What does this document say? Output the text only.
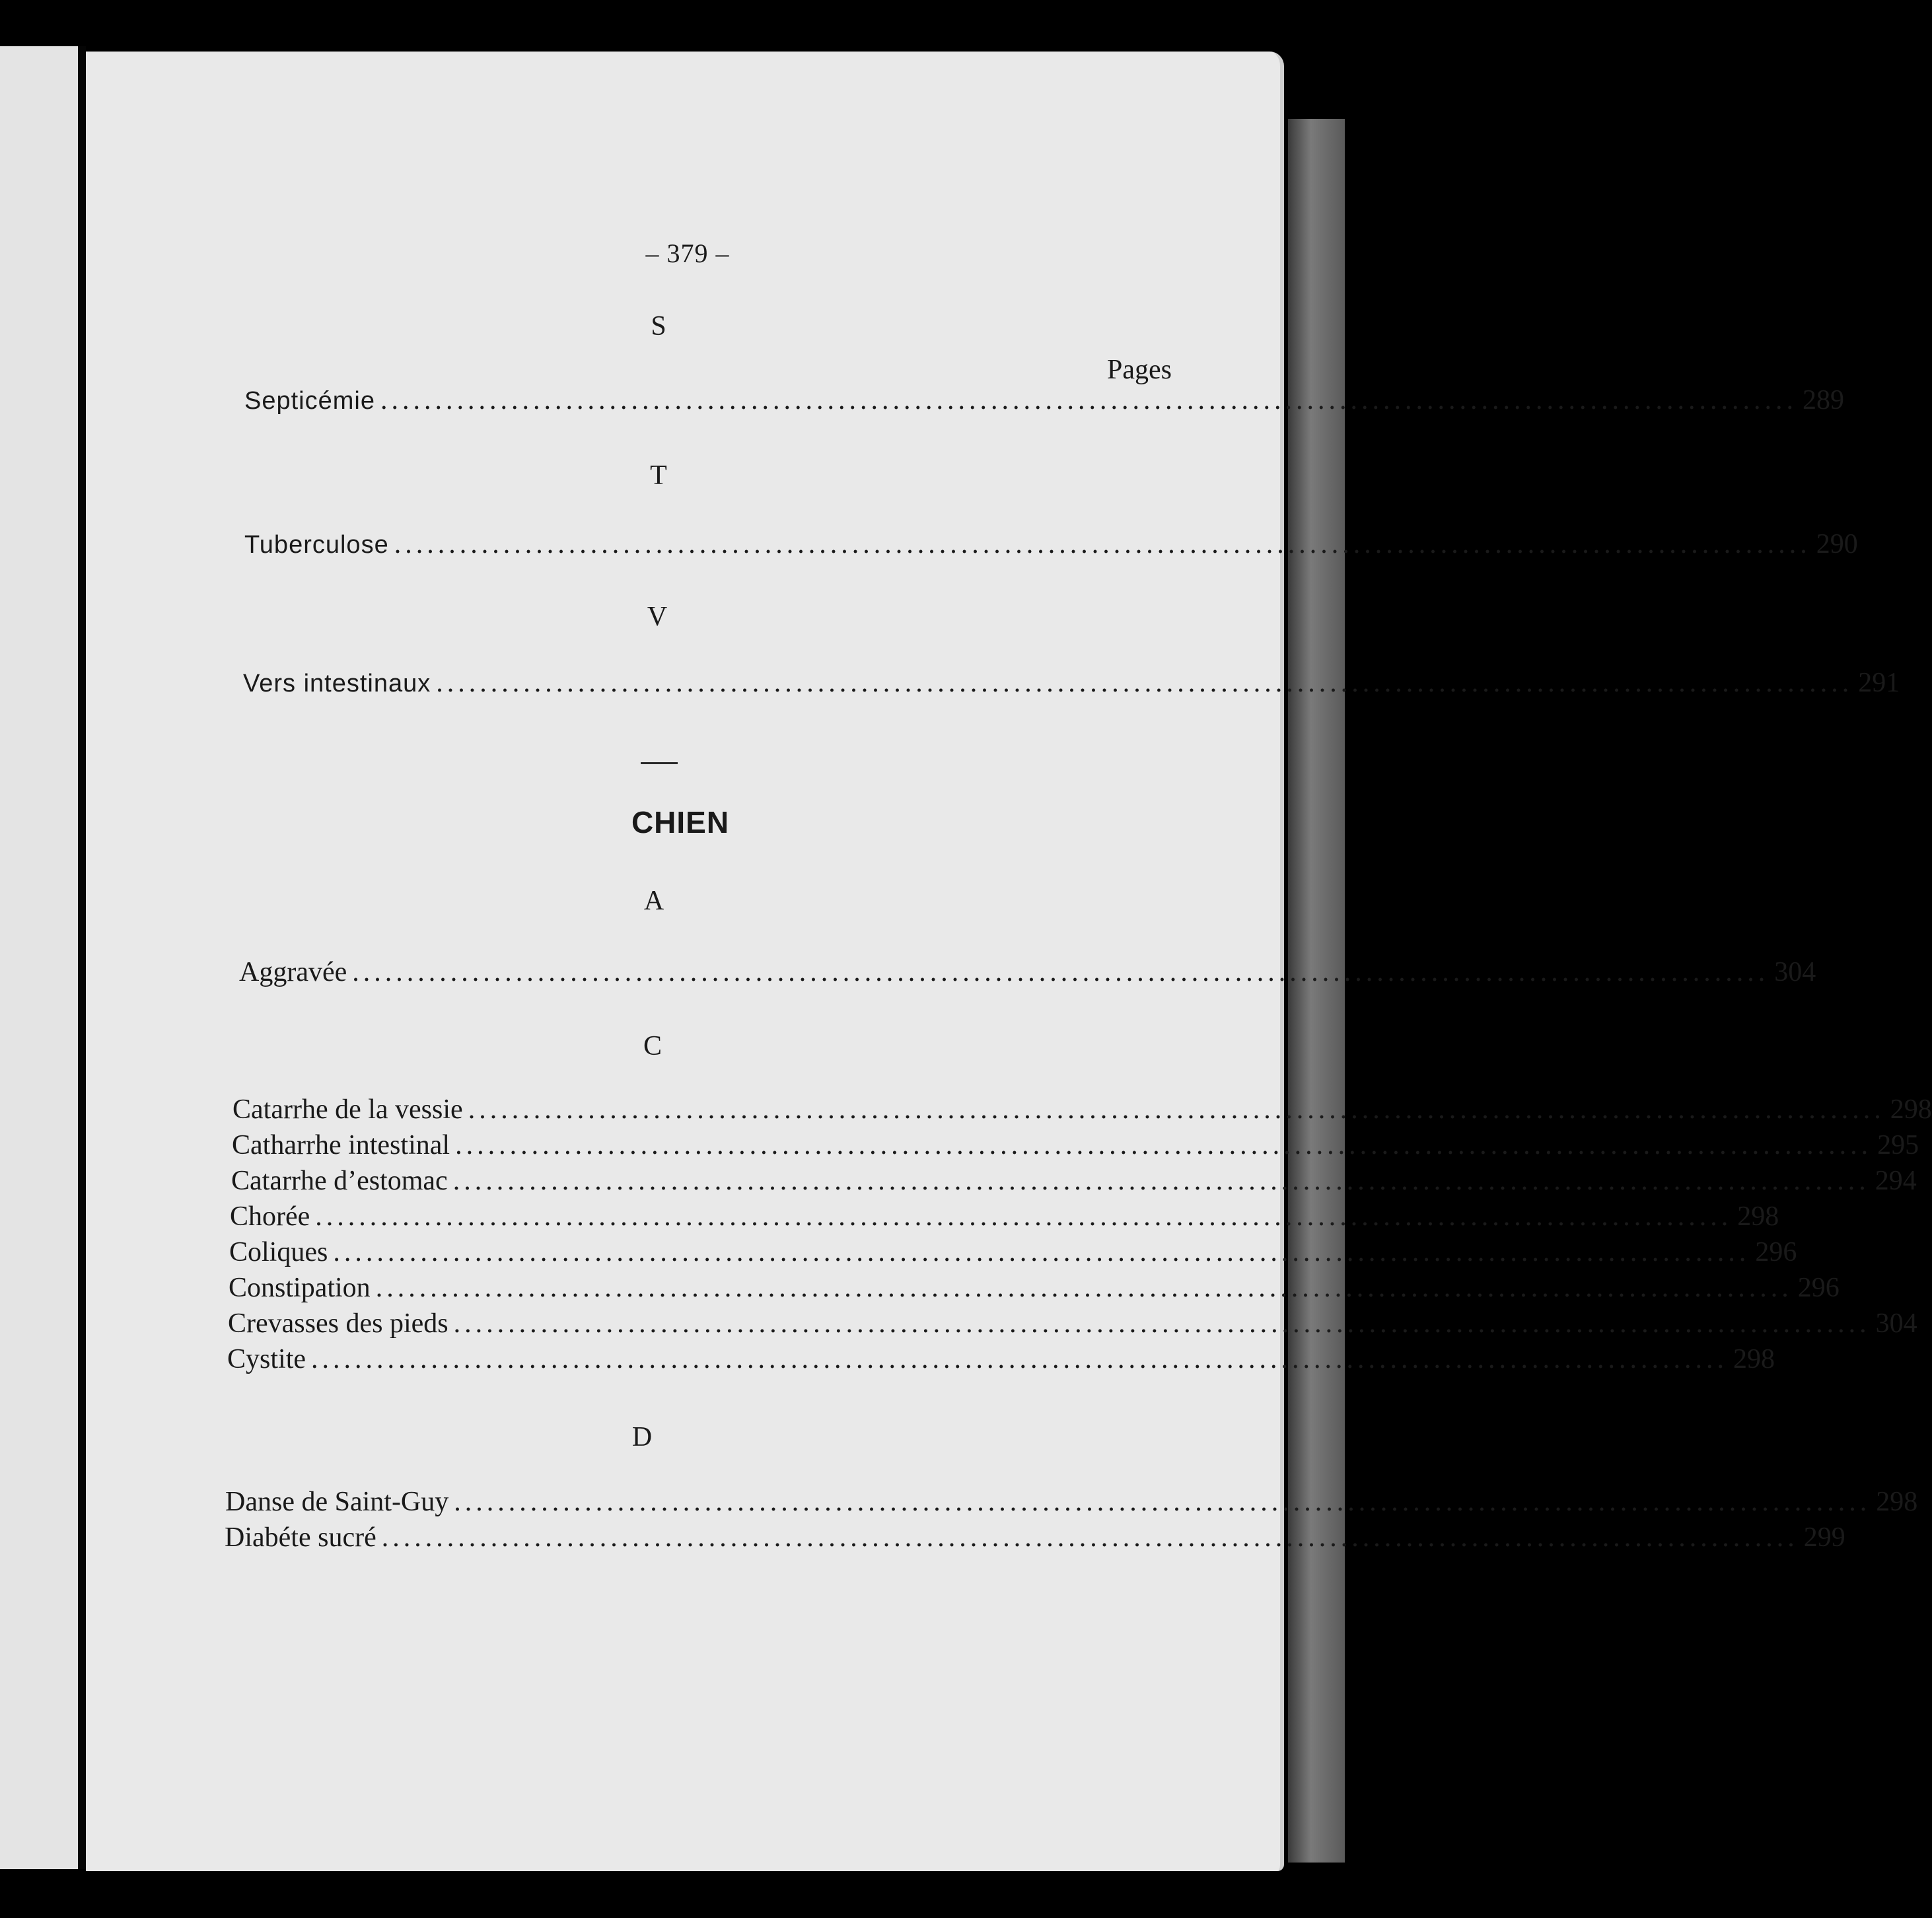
– 379 –
S
Pages
Septicémie .................................................................................................................................. 289
T
Tuberculose .................................................................................................................................. 290
V
Vers intestinaux .................................................................................................................................. 291
CHIEN
A
Aggravée .................................................................................................................................. 304
C
Catarrhe de la vessie .................................................................................................................................. 298
Catharrhe intestinal .................................................................................................................................. 295
Catarrhe d’estomac .................................................................................................................................. 294
Chorée .................................................................................................................................. 298
Coliques .................................................................................................................................. 296
Constipation .................................................................................................................................. 296
Crevasses des pieds .................................................................................................................................. 304
Cystite .................................................................................................................................. 298
D
Danse de Saint-Guy .................................................................................................................................. 298
Diabéte sucré .................................................................................................................................. 299
